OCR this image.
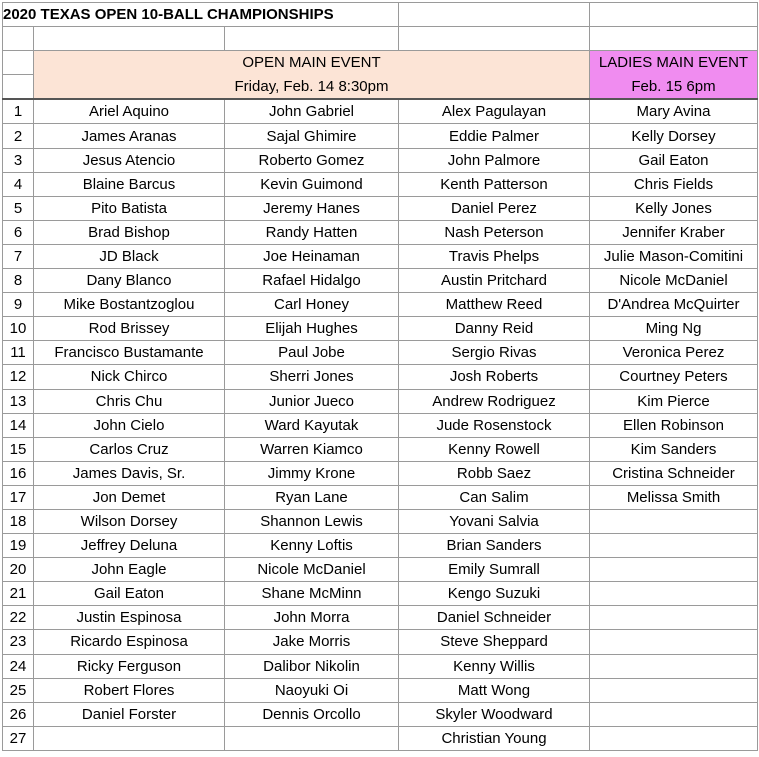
2020 TEXAS OPEN 10-BALL CHAMPIONSHIPS				

	OPEN MAIN EVENT			LADIES MAIN EVENT
	Friday, Feb. 14 8:30pm			Feb. 15 6pm
1	Ariel Aquino	John Gabriel	Alex Pagulayan	Mary Avina
2	James Aranas	Sajal Ghimire	Eddie Palmer	Kelly Dorsey
3	Jesus Atencio	Roberto Gomez	John Palmore	Gail Eaton
4	Blaine Barcus	Kevin Guimond	Kenth Patterson	Chris Fields
5	Pito Batista	Jeremy Hanes	Daniel Perez	Kelly Jones
6	Brad Bishop	Randy Hatten	Nash Peterson	Jennifer Kraber
7	JD Black	Joe Heinaman	Travis Phelps	Julie Mason-Comitini
8	Dany Blanco	Rafael Hidalgo	Austin Pritchard	Nicole McDaniel
9	Mike Bostantzoglou	Carl Honey	Matthew Reed	D'Andrea McQuirter
10	Rod Brissey	Elijah Hughes	Danny Reid	Ming Ng
11	Francisco Bustamante	Paul Jobe	Sergio Rivas	Veronica Perez
12	Nick Chirco	Sherri Jones	Josh Roberts	Courtney Peters
13	Chris Chu	Junior Jueco	Andrew Rodriguez	Kim Pierce
14	John Cielo	Ward Kayutak	Jude Rosenstock	Ellen Robinson
15	Carlos Cruz	Warren Kiamco	Kenny Rowell	Kim Sanders
16	James Davis, Sr.	Jimmy Krone	Robb Saez	Cristina Schneider
17	Jon Demet	Ryan Lane	Can Salim	Melissa Smith
18	Wilson Dorsey	Shannon Lewis	Yovani Salvia	
19	Jeffrey Deluna	Kenny Loftis	Brian Sanders	
20	John Eagle	Nicole McDaniel	Emily Sumrall	
21	Gail Eaton	Shane McMinn	Kengo Suzuki	
22	Justin Espinosa	John Morra	Daniel Schneider	
23	Ricardo Espinosa	Jake Morris	Steve Sheppard	
24	Ricky Ferguson	Dalibor Nikolin	Kenny Willis	
25	Robert Flores	Naoyuki Oi	Matt Wong	
26	Daniel Forster	Dennis Orcollo	Skyler Woodward	
27			Christian Young	
